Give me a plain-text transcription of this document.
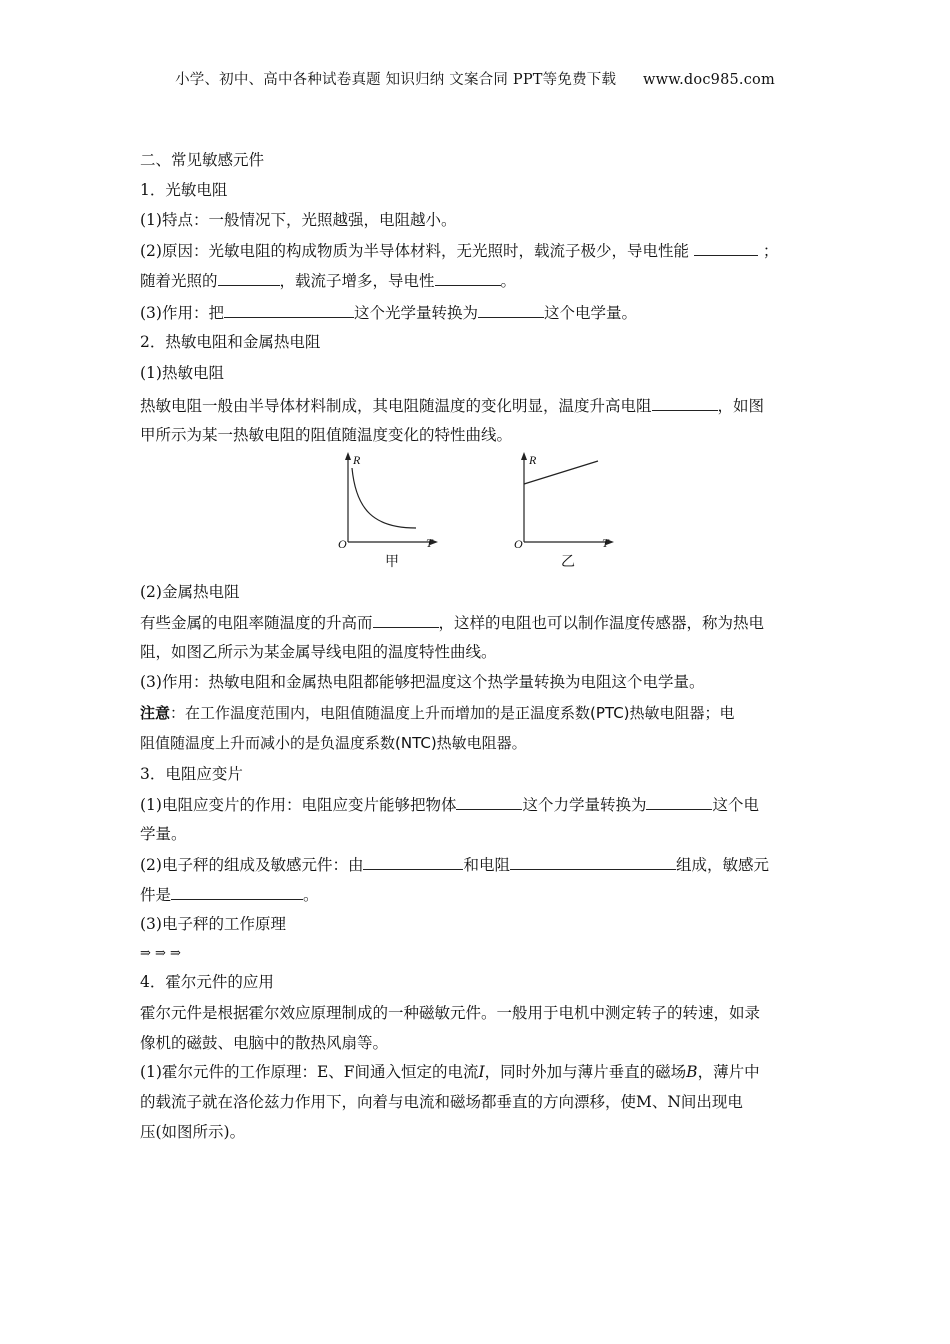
小学、初中、高中各种试卷真题 知识归纳 文案合同 PPT等免费下载 www.doc985.com
二、常见敏感元件
1．光敏电阻
(1)特点：一般情况下，光照越强，电阻越小。
(2)原因：光敏电阻的构成物质为半导体材料，无光照时，载流子极少，导电性能	；
随着光照的	，载流子增多，导电性	。
(3)作用：把	这个光学量转换为	这个电学量。
2．热敏电阻和金属热电阻
(1)热敏电阻
热敏电阻一般由半导体材料制成，其电阻随温度的变化明显，温度升高电阻	，如图
甲所示为某一热敏电阻的阻值随温度变化的特性曲线。
R
T
O
甲
R
T
O
乙
(2)金属热电阻
有些金属的电阻率随温度的升高而	，这样的电阻也可以制作温度传感器，称为热电
阻，如图乙所示为某金属导线电阻的温度特性曲线。
(3)作用：热敏电阻和金属热电阻都能够把温度这个热学量转换为电阻这个电学量。
注意：在工作温度范围内，电阻值随温度上升而增加的是正温度系数(PTC)热敏电阻器；电
阻值随温度上升而减小的是负温度系数(NTC)热敏电阻器。
3．电阻应变片
(1)电阻应变片的作用：电阻应变片能够把物体	这个力学量转换为	这个电
学量。
(2)电子秤的组成及敏感元件：由	和电阻	组成，敏感元
件是	。
(3)电子秤的工作原理
⇒ ⇒ ⇒
4．霍尔元件的应用
霍尔元件是根据霍尔效应原理制成的一种磁敏元件。一般用于电机中测定转子的转速，如录
像机的磁鼓、电脑中的散热风扇等。
(1)霍尔元件的工作原理：E、F间通入恒定的电流I，同时外加与薄片垂直的磁场B，薄片中
的载流子就在洛伦兹力作用下，向着与电流和磁场都垂直的方向漂移，使M、N间出现电
压(如图所示)。
